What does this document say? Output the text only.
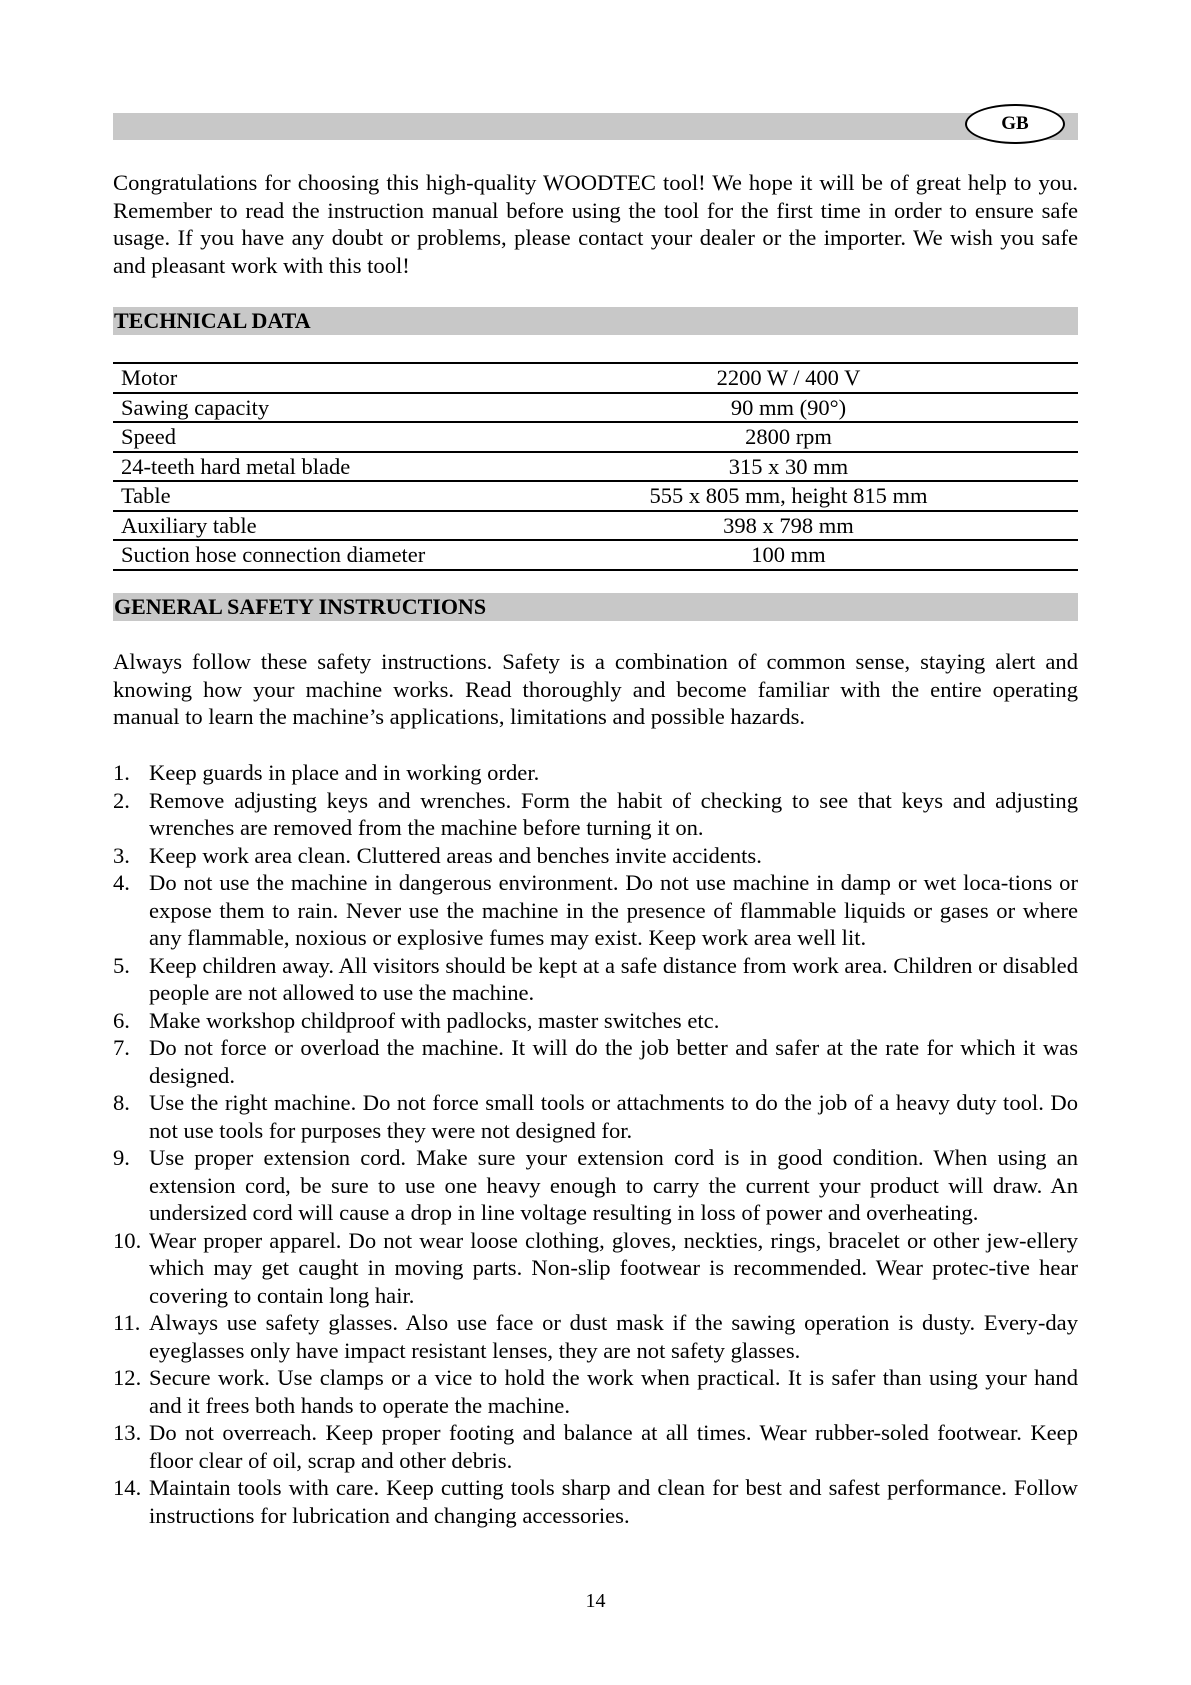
GB

Congratulations for choosing this high-quality WOODTEC tool! We hope it will be of great help to you. Remember to read the instruction manual before using the tool for the first time in order to ensure safe usage. If you have any doubt or problems, please contact your dealer or the importer. We wish you safe and pleasant work with this tool!

TECHNICAL DATA
Motor	2200 W / 400 V
Sawing capacity	90 mm (90°)
Speed	2800 rpm
24-teeth hard metal blade	315 x 30 mm
Table	555 x 805 mm, height 815 mm
Auxiliary table	398 x 798 mm
Suction hose connection diameter	100 mm
GENERAL SAFETY INSTRUCTIONS

Always follow these safety instructions. Safety is a combination of common sense, staying alert and knowing how your machine works. Read thoroughly and become familiar with the entire operating manual to learn the machine’s applications, limitations and possible hazards.

1. Keep guards in place and in working order.
2. Remove adjusting keys and wrenches. Form the habit of checking to see that keys and adjusting wrenches are removed from the machine before turning it on.
3. Keep work area clean. Cluttered areas and benches invite accidents.
4. Do not use the machine in dangerous environment. Do not use machine in damp or wet loca-tions or expose them to rain. Never use the machine in the presence of flammable liquids or gases or where any flammable, noxious or explosive fumes may exist. Keep work area well lit.
5. Keep children away. All visitors should be kept at a safe distance from work area. Children or disabled people are not allowed to use the machine.
6. Make workshop childproof with padlocks, master switches etc.
7. Do not force or overload the machine. It will do the job better and safer at the rate for which it was designed.
8. Use the right machine. Do not force small tools or attachments to do the job of a heavy duty tool. Do not use tools for purposes they were not designed for.
9. Use proper extension cord. Make sure your extension cord is in good condition. When using an extension cord, be sure to use one heavy enough to carry the current your product will draw. An undersized cord will cause a drop in line voltage resulting in loss of power and overheating.
10. Wear proper apparel. Do not wear loose clothing, gloves, neckties, rings, bracelet or other jew-ellery which may get caught in moving parts. Non-slip footwear is recommended. Wear protec-tive hear covering to contain long hair.
11. Always use safety glasses. Also use face or dust mask if the sawing operation is dusty. Every-day eyeglasses only have impact resistant lenses, they are not safety glasses.
12. Secure work. Use clamps or a vice to hold the work when practical. It is safer than using your hand and it frees both hands to operate the machine.
13. Do not overreach. Keep proper footing and balance at all times. Wear rubber-soled footwear. Keep floor clear of oil, scrap and other debris.
14. Maintain tools with care. Keep cutting tools sharp and clean for best and safest performance. Follow instructions for lubrication and changing accessories.
14
